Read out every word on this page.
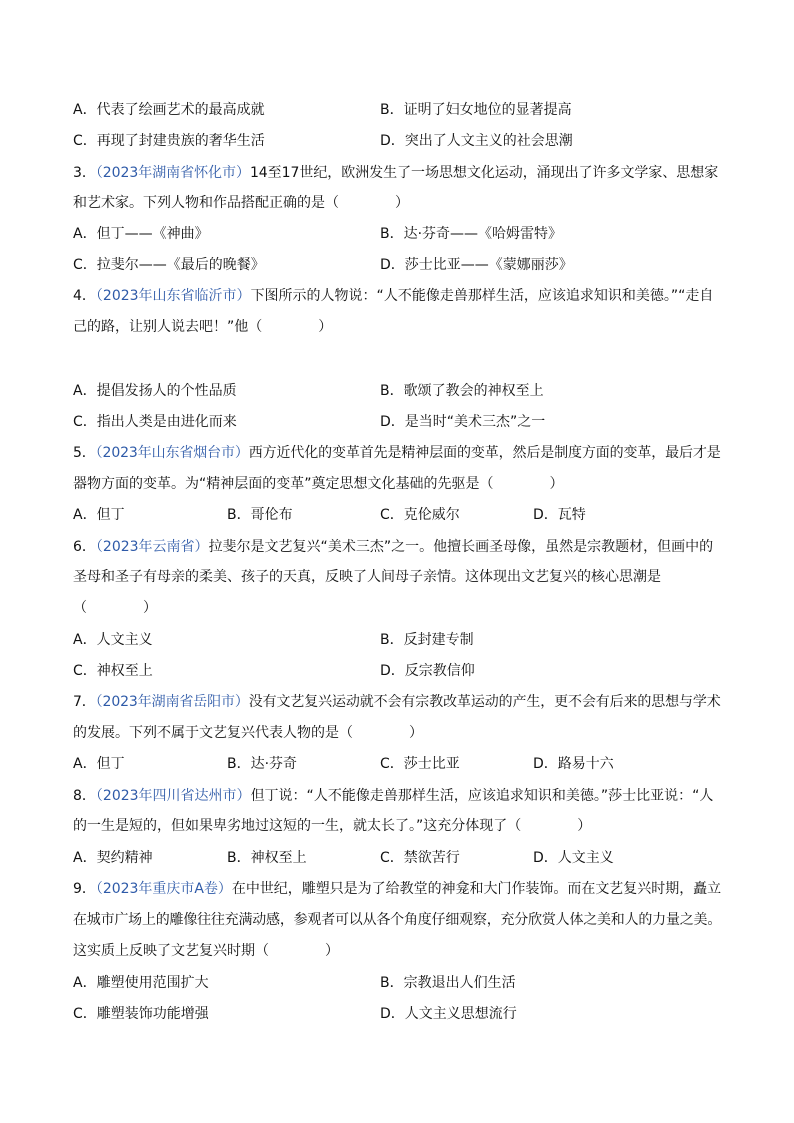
A．代表了绘画艺术的最高成就	B．证明了妇女地位的显著提高
C．再现了封建贵族的奢华生活	D．突出了人文主义的社会思潮
3．（2023年湖南省怀化市）14至17世纪，欧洲发生了一场思想文化运动，涌现出了许多文学家、思想家
和艺术家。下列人物和作品搭配正确的是（　　　　）
A．但丁——《神曲》	B．达·芬奇——《哈姆雷特》
C．拉斐尔——《最后的晚餐》	D．莎士比亚——《蒙娜丽莎》
4．（2023年山东省临沂市）下图所示的人物说：“人不能像走兽那样生活，应该追求知识和美德。”“走自
己的路，让别人说去吧！”他（　　　　）
A．提倡发扬人的个性品质	B．歌颂了教会的神权至上
C．指出人类是由进化而来	D．是当时“美术三杰”之一
5．（2023年山东省烟台市）西方近代化的变革首先是精神层面的变革，然后是制度方面的变革，最后才是
器物方面的变革。为“精神层面的变革”奠定思想文化基础的先驱是（　　　　）
A．但丁	B．哥伦布	C．克伦威尔	D．瓦特
6．（2023年云南省）拉斐尔是文艺复兴“美术三杰”之一。他擅长画圣母像，虽然是宗教题材，但画中的
圣母和圣子有母亲的柔美、孩子的天真，反映了人间母子亲情。这体现出文艺复兴的核心思潮是
（　　　　）
A．人文主义	B．反封建专制
C．神权至上	D．反宗教信仰
7．（2023年湖南省岳阳市）没有文艺复兴运动就不会有宗教改革运动的产生，更不会有后来的思想与学术
的发展。下列不属于文艺复兴代表人物的是（　　　　）
A．但丁	B．达·芬奇	C．莎士比亚	D．路易十六
8．（2023年四川省达州市）但丁说：“人不能像走兽那样生活，应该追求知识和美德。”莎士比亚说：“人
的一生是短的，但如果卑劣地过这短的一生，就太长了。”这充分体现了（　　　　）
A．契约精神	B．神权至上	C．禁欲苦行	D．人文主义
9．（2023年重庆市A卷）在中世纪，雕塑只是为了给教堂的神龛和大门作装饰。而在文艺复兴时期，矗立
在城市广场上的雕像往往充满动感，参观者可以从各个角度仔细观察，充分欣赏人体之美和人的力量之美。
这实质上反映了文艺复兴时期（　　　　）
A．雕塑使用范围扩大	B．宗教退出人们生活
C．雕塑装饰功能增强	D．人文主义思想流行
